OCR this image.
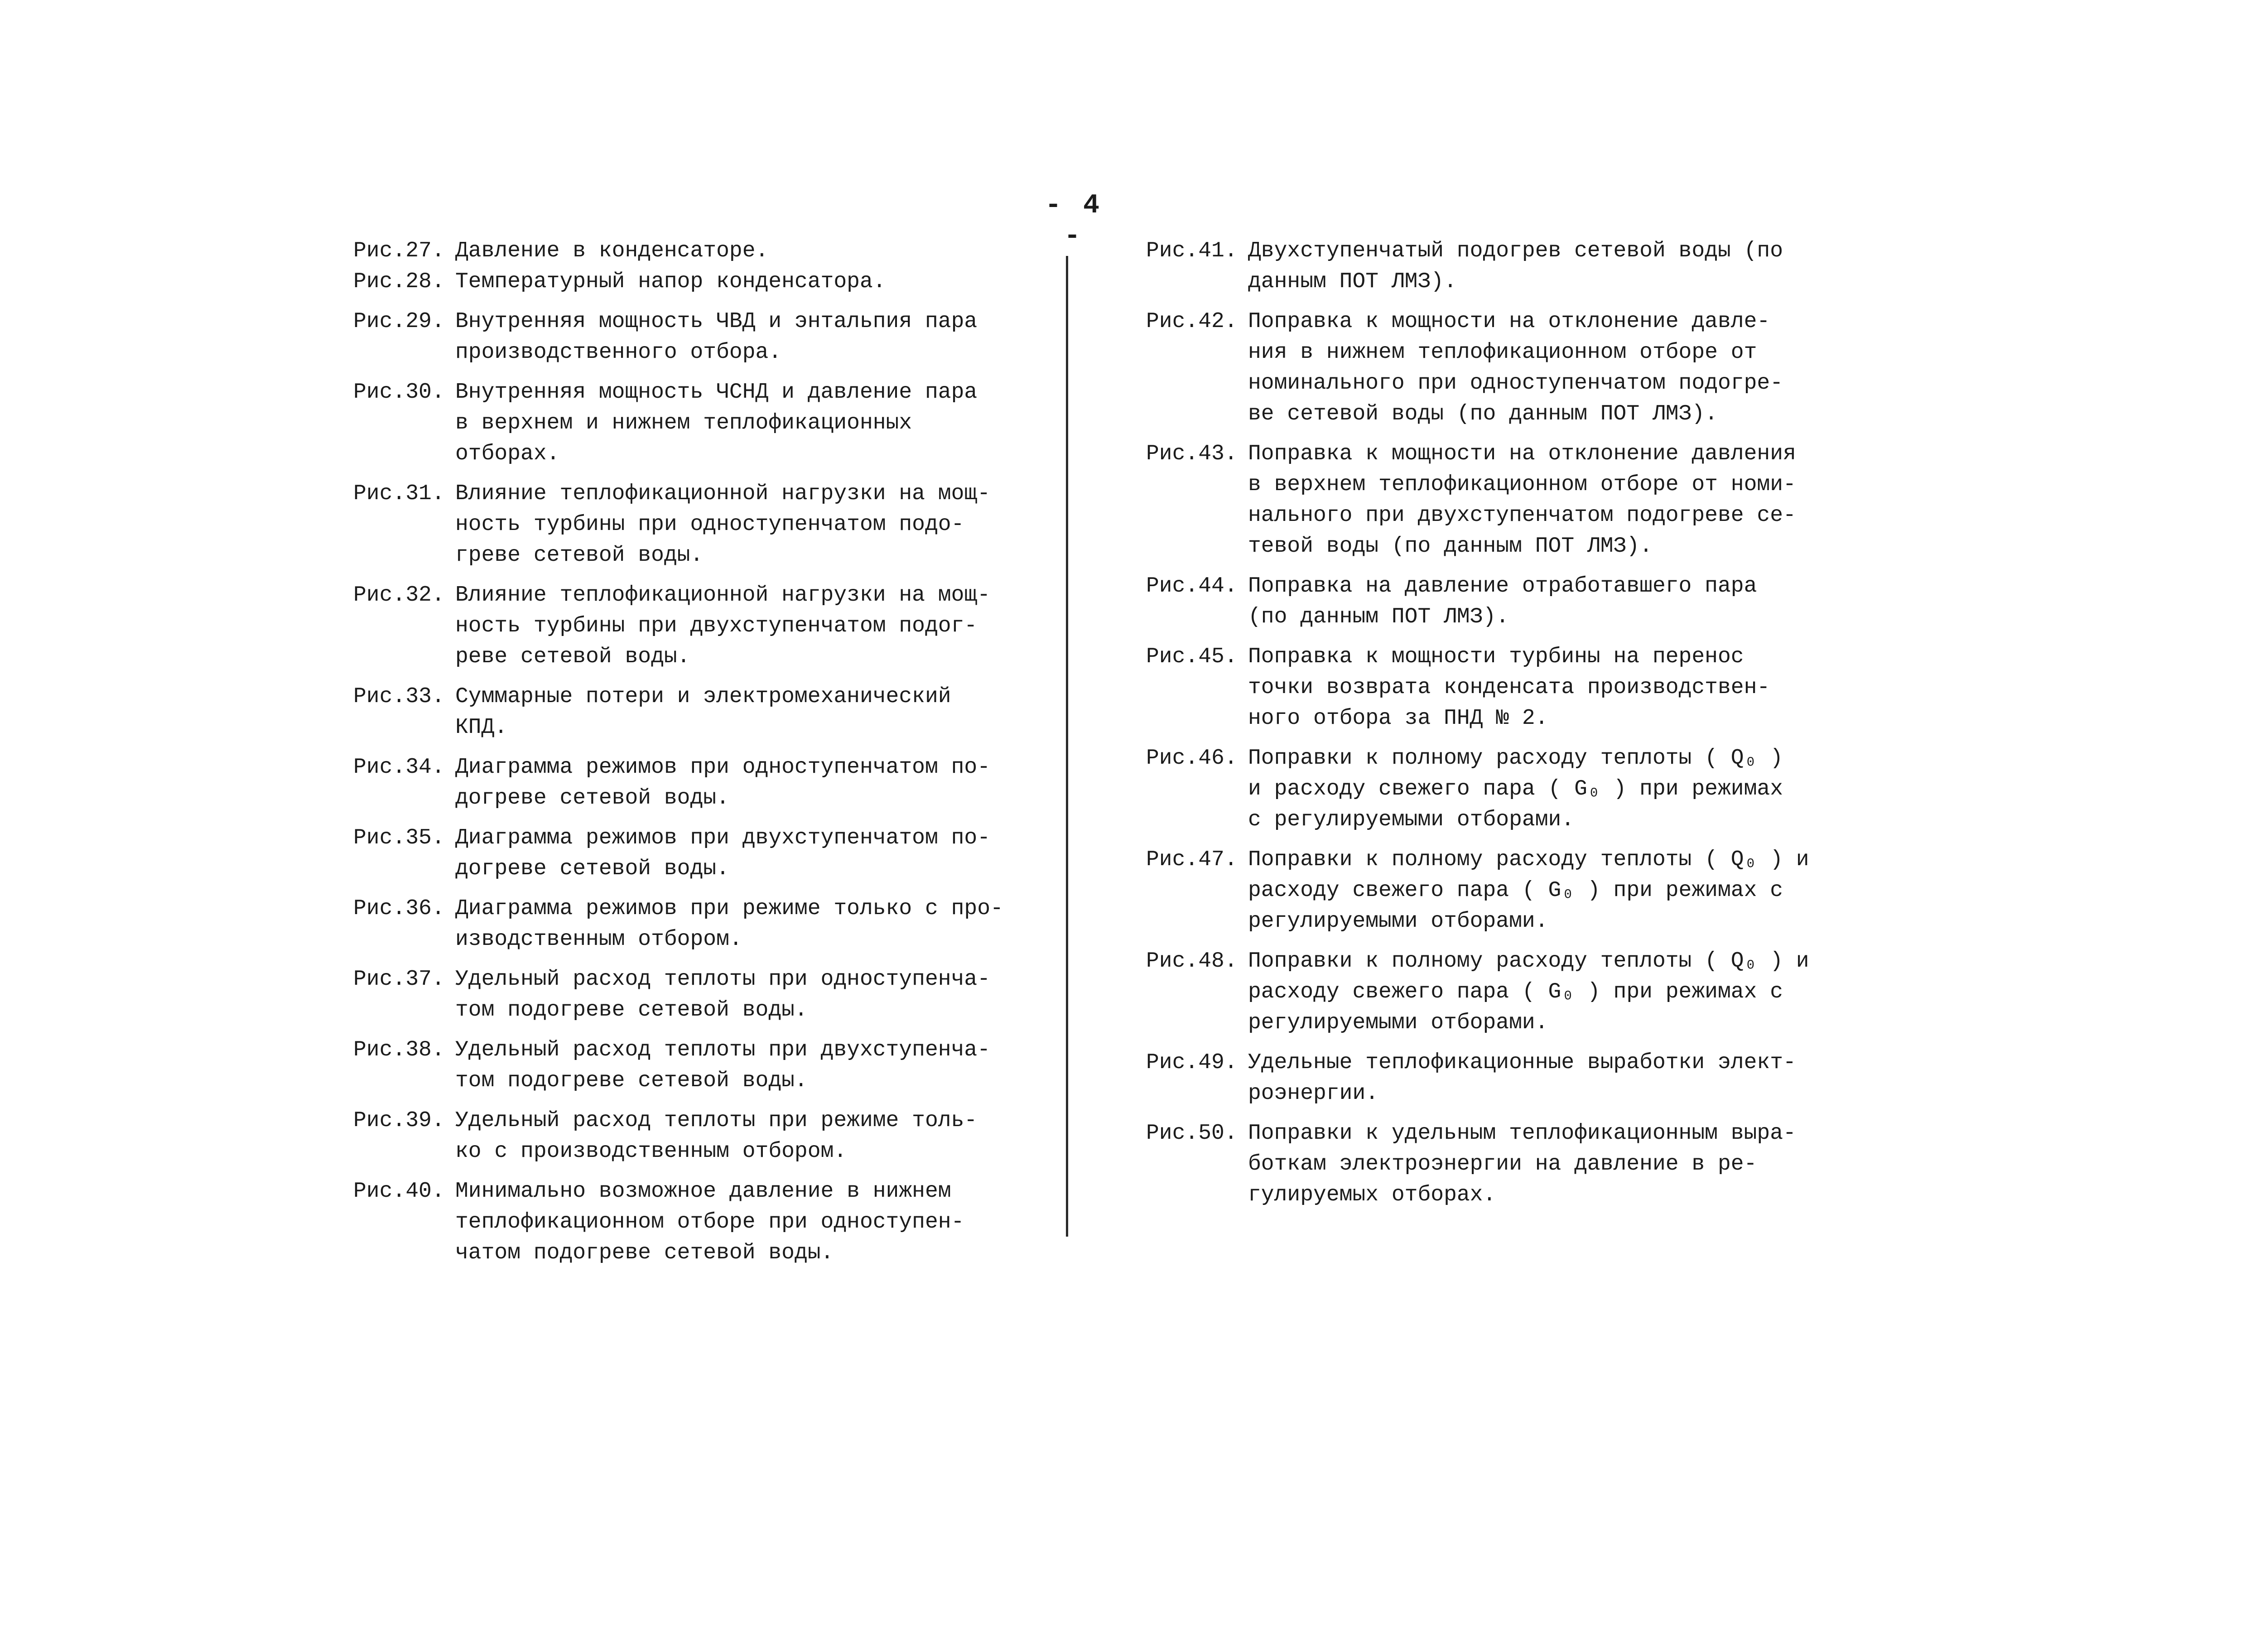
- 4 -
Рис.27. Давление в конденсаторе.
Рис.28. Температурный напор конденсатора.
Рис.29. Внутренняя мощность ЧВД и энтальпия пара
производственного отбора.
Рис.30. Внутренняя мощность ЧСНД и давление пара
в верхнем и нижнем теплофикационных отборах.
Рис.31. Влияние теплофикационной нагрузки на мощ-
ность турбины при одноступенчатом подо-
греве сетевой воды.
Рис.32. Влияние теплофикационной нагрузки на мощ-
ность турбины при двухступенчатом подог-
реве сетевой воды.
Рис.33. Суммарные потери и электромеханический КПД.
Рис.34. Диаграмма режимов при одноступенчатом по-
догреве сетевой воды.
Рис.35. Диаграмма режимов при двухступенчатом по-
догреве сетевой воды.
Рис.36. Диаграмма режимов при режиме только с про-
изводственным отбором.
Рис.37. Удельный расход теплоты при одноступенча-
том подогреве сетевой воды.
Рис.38. Удельный расход теплоты при двухступенча-
том подогреве сетевой воды.
Рис.39. Удельный расход теплоты при режиме толь-
ко с производственным отбором.
Рис.40. Минимально возможное давление в нижнем
теплофикационном отборе при одноступен-
чатом подогреве сетевой воды.
Рис.41. Двухступенчатый подогрев сетевой воды (по
данным ПОТ ЛМЗ).
Рис.42. Поправка к мощности на отклонение давле-
ния в нижнем теплофикационном отборе от
номинального при одноступенчатом подогре-
ве сетевой воды (по данным ПОТ ЛМЗ).
Рис.43. Поправка к мощности на отклонение давления
в верхнем теплофикационном отборе от номи-
нального при двухступенчатом подогреве се-
тевой воды (по данным ПОТ ЛМЗ).
Рис.44. Поправка на давление отработавшего пара
(по данным ПОТ ЛМЗ).
Рис.45. Поправка к мощности турбины на перенос
точки возврата конденсата производствен-
ного отбора за ПНД № 2.
Рис.46. Поправки к полному расходу теплоты ( Q₀ )
и расходу свежего пара ( G₀ ) при режимах
с регулируемыми отборами.
Рис.47. Поправки к полному расходу теплоты ( Q₀ ) и
расходу свежего пара ( G₀ ) при режимах с
регулируемыми отборами.
Рис.48. Поправки к полному расходу теплоты ( Q₀ ) и
расходу свежего пара ( G₀ ) при режимах с
регулируемыми отборами.
Рис.49. Удельные теплофикационные выработки элект-
роэнергии.
Рис.50. Поправки к удельным теплофикационным выра-
боткам электроэнергии на давление в ре-
гулируемых отборах.
